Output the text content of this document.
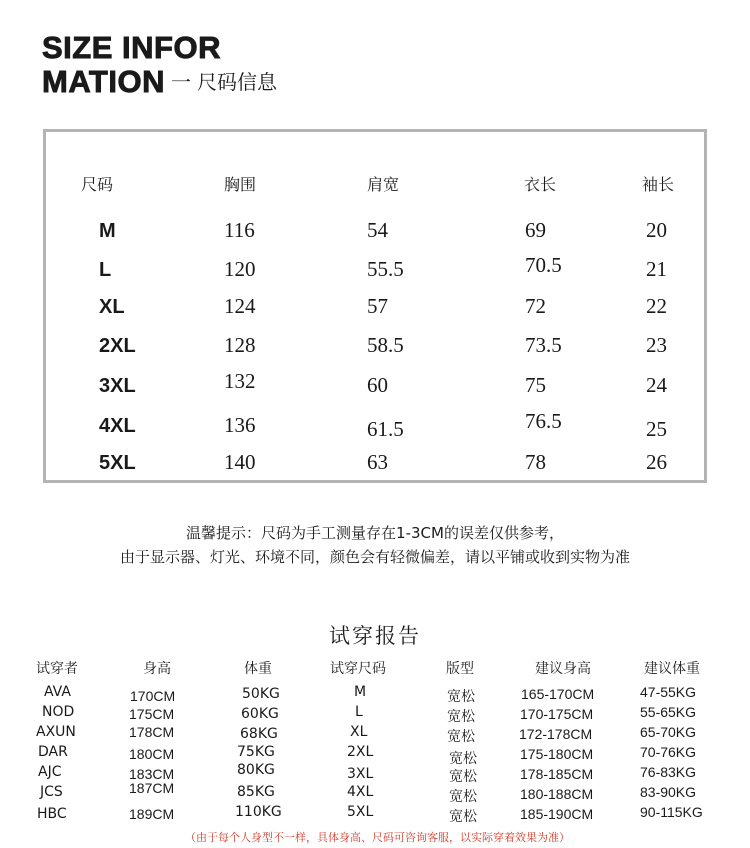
SIZE INFOR
MATION 一 尺码信息
尺码	胸围	肩宽	衣长	袖长
M	116	54	69	20
L	120	55.5	70.5	21
XL	124	57	72	22
2XL	128	58.5	73.5	23
3XL	132	60	75	24
4XL	136	61.5	76.5	25
5XL	140	63	78	26
温馨提示：尺码为手工测量存在1-3CM的误差仅供参考，
由于显示器、灯光、环境不同，颜色会有轻微偏差，请以平铺或收到实物为准
试穿报告
试穿者	身高	体重	试穿尺码	版型	建议身高	建议体重
AVA	170CM	50KG	M	宽松	165-170CM	47-55KG
NOD	175CM	60KG	L	宽松	170-175CM	55-65KG
AXUN	178CM	68KG	XL	宽松	172-178CM	65-70KG
DAR	180CM	75KG	2XL	宽松	175-180CM	70-76KG
AJC	183CM	80KG	3XL	宽松	178-185CM	76-83KG
JCS	187CM	85KG	4XL	宽松	180-188CM	83-90KG
HBC	189CM	110KG	5XL	宽松	185-190CM	90-115KG
（由于每个人身型不一样，具体身高、尺码可咨询客服，以实际穿着效果为准）
